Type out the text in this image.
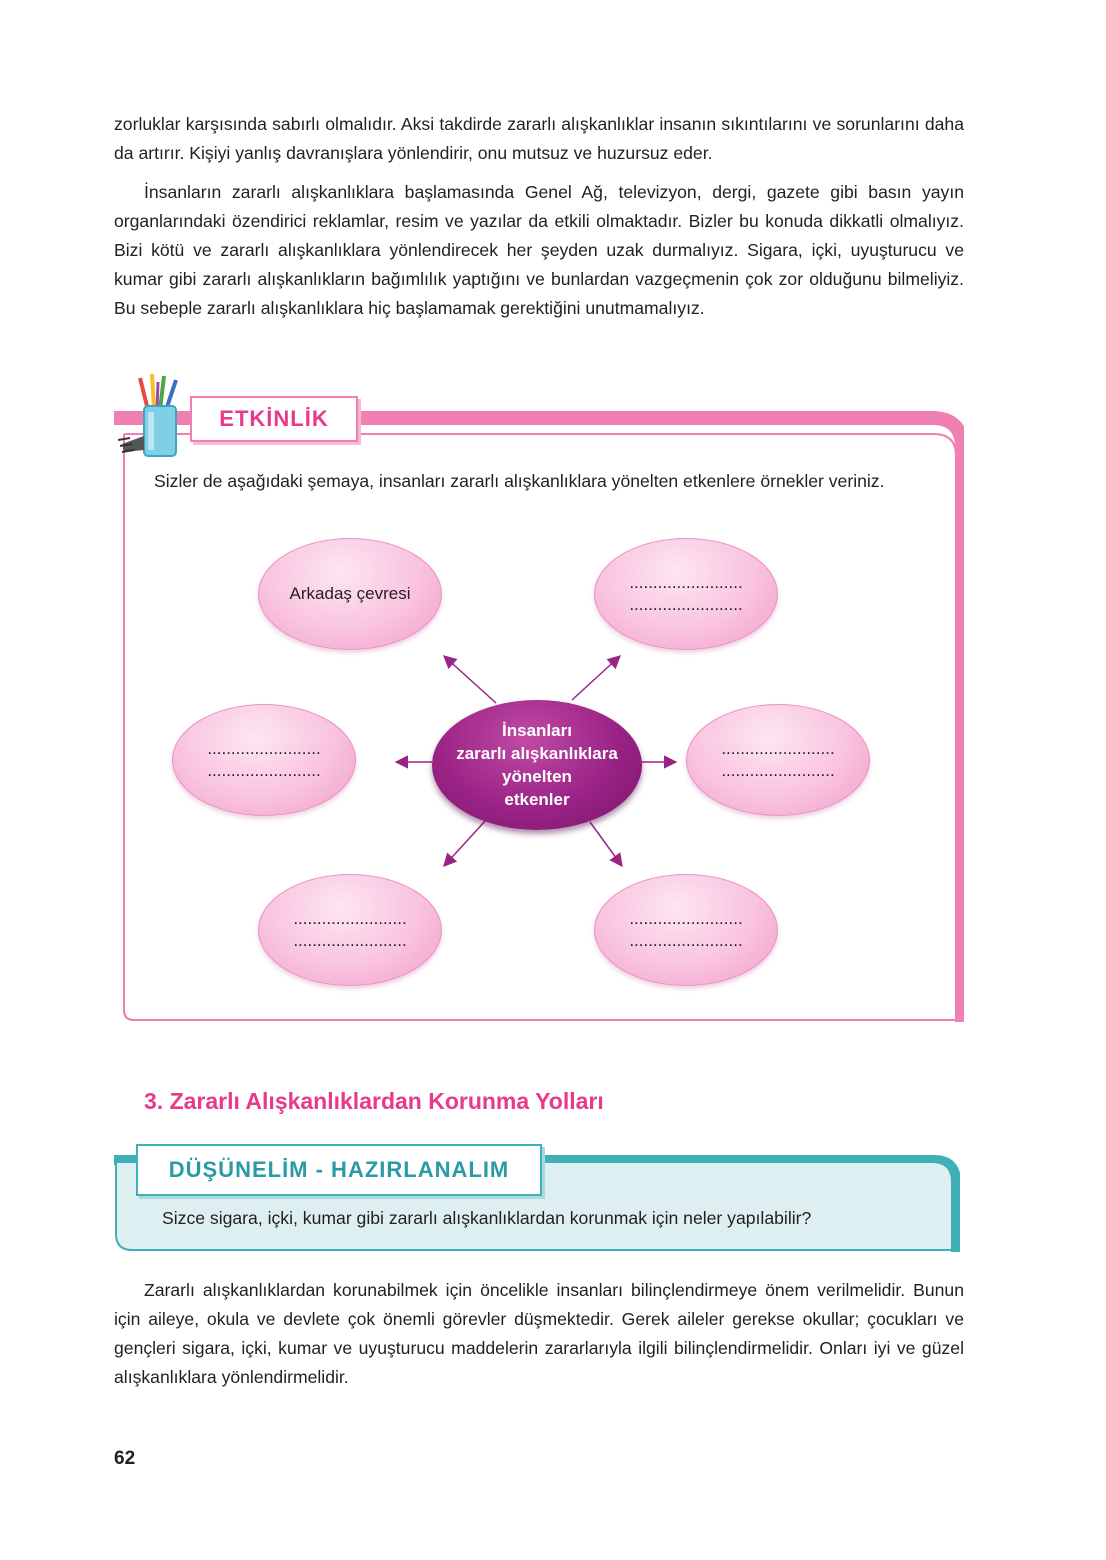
zorluklar karşısında sabırlı olmalıdır. Aksi takdirde zararlı alışkanlıklar insanın sıkıntılarını ve sorunlarını daha da artırır. Kişiyi yanlış davranışlara yönlendirir, onu mutsuz ve huzursuz eder.

İnsanların zararlı alışkanlıklara başlamasında Genel Ağ, televizyon, dergi, gazete gibi basın yayın organlarındaki özendirici reklamlar, resim ve yazılar da etkili olmaktadır. Bizler bu konuda dikkatli olmalıyız. Bizi kötü ve zararlı alışkanlıklara yönlendirecek her şeyden uzak durmalıyız. Sigara, içki, uyuşturucu ve kumar gibi zararlı alışkanlıkların bağımlılık yaptığını ve bunlardan vazgeçmenin çok zor olduğunu bilmeliyiz. Bu sebeple zararlı alışkanlıklara hiç başlamamak gerektiğini unutmamalıyız.

ETKİNLİK

Sizler de aşağıdaki şemaya, insanları zararlı alışkanlıklara yönelten etkenlere örnekler veriniz.

Arkadaş çevresi
........................
........................
........................
........................
........................
........................
........................
........................
........................
........................
İnsanları
zararlı alışkanlıklara
yönelten
etkenler
3. Zararlı Alışkanlıklardan Korunma Yolları
DÜŞÜNELİM - HAZIRLANALIM

Sizce sigara, içki, kumar gibi zararlı alışkanlıklardan korunmak için neler yapılabilir?

Zararlı alışkanlıklardan korunabilmek için öncelikle insanları bilinçlendirmeye önem verilmelidir. Bunun için aileye, okula ve devlete çok önemli görevler düşmektedir. Gerek aileler gerekse okullar; çocukları ve gençleri sigara, içki, kumar ve uyuşturucu maddelerin zararlarıyla ilgili bilinçlendirmelidir. Onları iyi ve güzel alışkanlıklara yönlendirmelidir.

62
